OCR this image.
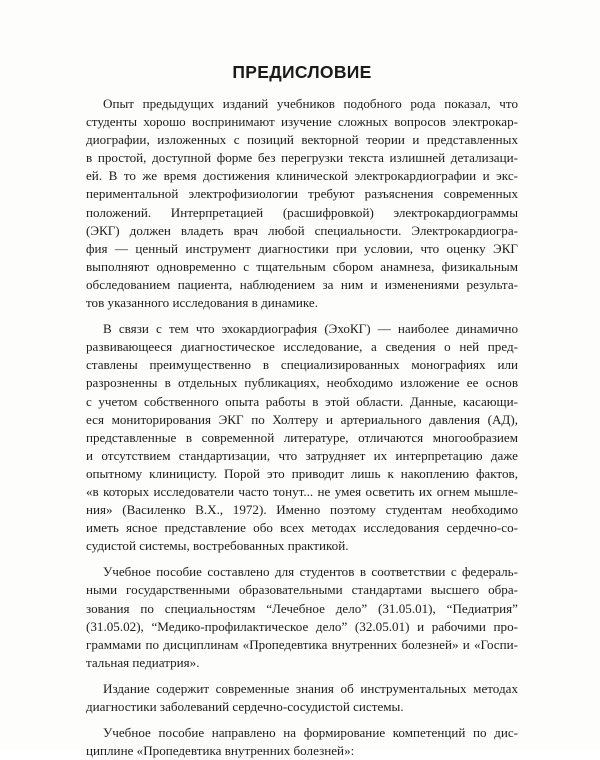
ПРЕДИСЛОВИЕ
Опыт предыдущих изданий учебников подобного рода показал, что
студенты хорошо воспринимают изучение сложных вопросов электрокар-
диографии, изложенных с позиций векторной теории и представленных
в простой, доступной форме без перегрузки текста излишней детализаци-
ей. В то же время достижения клинической электрокардиографии и экс-
периментальной электрофизиологии требуют разъяснения современных
положений. Интерпретацией (расшифровкой) электрокардиограммы
(ЭКГ) должен владеть врач любой специальности. Электрокардиогра-
фия — ценный инструмент диагностики при условии, что оценку ЭКГ
выполняют одновременно с тщательным сбором анамнеза, физикальным
обследованием пациента, наблюдением за ним и изменениями результа-
тов указанного исследования в динамике.
В связи с тем что эхокардиография (ЭхоКГ) — наиболее динамично
развивающееся диагностическое исследование, а сведения о ней пред-
ставлены преимущественно в специализированных монографиях или
разрозненны в отдельных публикациях, необходимо изложение ее основ
с учетом собственного опыта работы в этой области. Данные, касающи-
еся мониторирования ЭКГ по Холтеру и артериального давления (АД),
представленные в современной литературе, отличаются многообразием
и отсутствием стандартизации, что затрудняет их интерпретацию даже
опытному клиницисту. Порой это приводит лишь к накоплению фактов,
«в которых исследователи часто тонут... не умея осветить их огнем мышле-
ния» (Василенко В.Х., 1972). Именно поэтому студентам необходимо
иметь ясное представление обо всех методах исследования сердечно-со-
судистой системы, востребованных практикой.
Учебное пособие составлено для студентов в соответствии с федераль-
ными государственными образовательными стандартами высшего обра-
зования по специальностям “Лечебное дело” (31.05.01), “Педиатрия”
(31.05.02), “Медико-профилактическое дело” (32.05.01) и рабочими про-
граммами по дисциплинам «Пропедевтика внутренних болезней» и «Госпи-
тальная педиатрия».
Издание содержит современные знания об инструментальных методах
диагностики заболеваний сердечно-сосудистой системы.
Учебное пособие направлено на формирование компетенций по дис-
циплине «Пропедевтика внутренних болезней»:
